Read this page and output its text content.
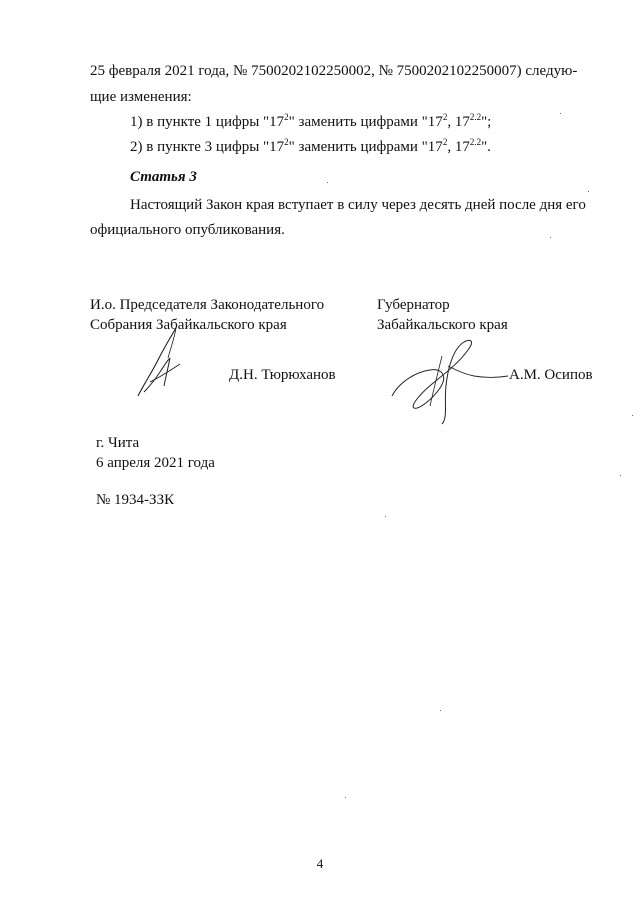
25 февраля 2021 года, № 7500202102250002, № 7500202102250007) следую-
щие изменения:
1) в пункте 1 цифры "$17^2$" заменить цифрами "$17^2$, $17^{2.2}$";
2) в пункте 3 цифры "$17^2$" заменить цифрами "$17^2$, $17^{2.2}$".
Статья 3
Настоящий Закон края вступает в силу через десять дней после дня его
официального опубликования.
И.о. Председателя Законодательного
Собрания Забайкальского края
Д.Н. Тюрюханов
Губернатор
Забайкальского края
А.М. Осипов
г. Чита
6 апреля 2021 года
№ 1934-ЗЗК
4
